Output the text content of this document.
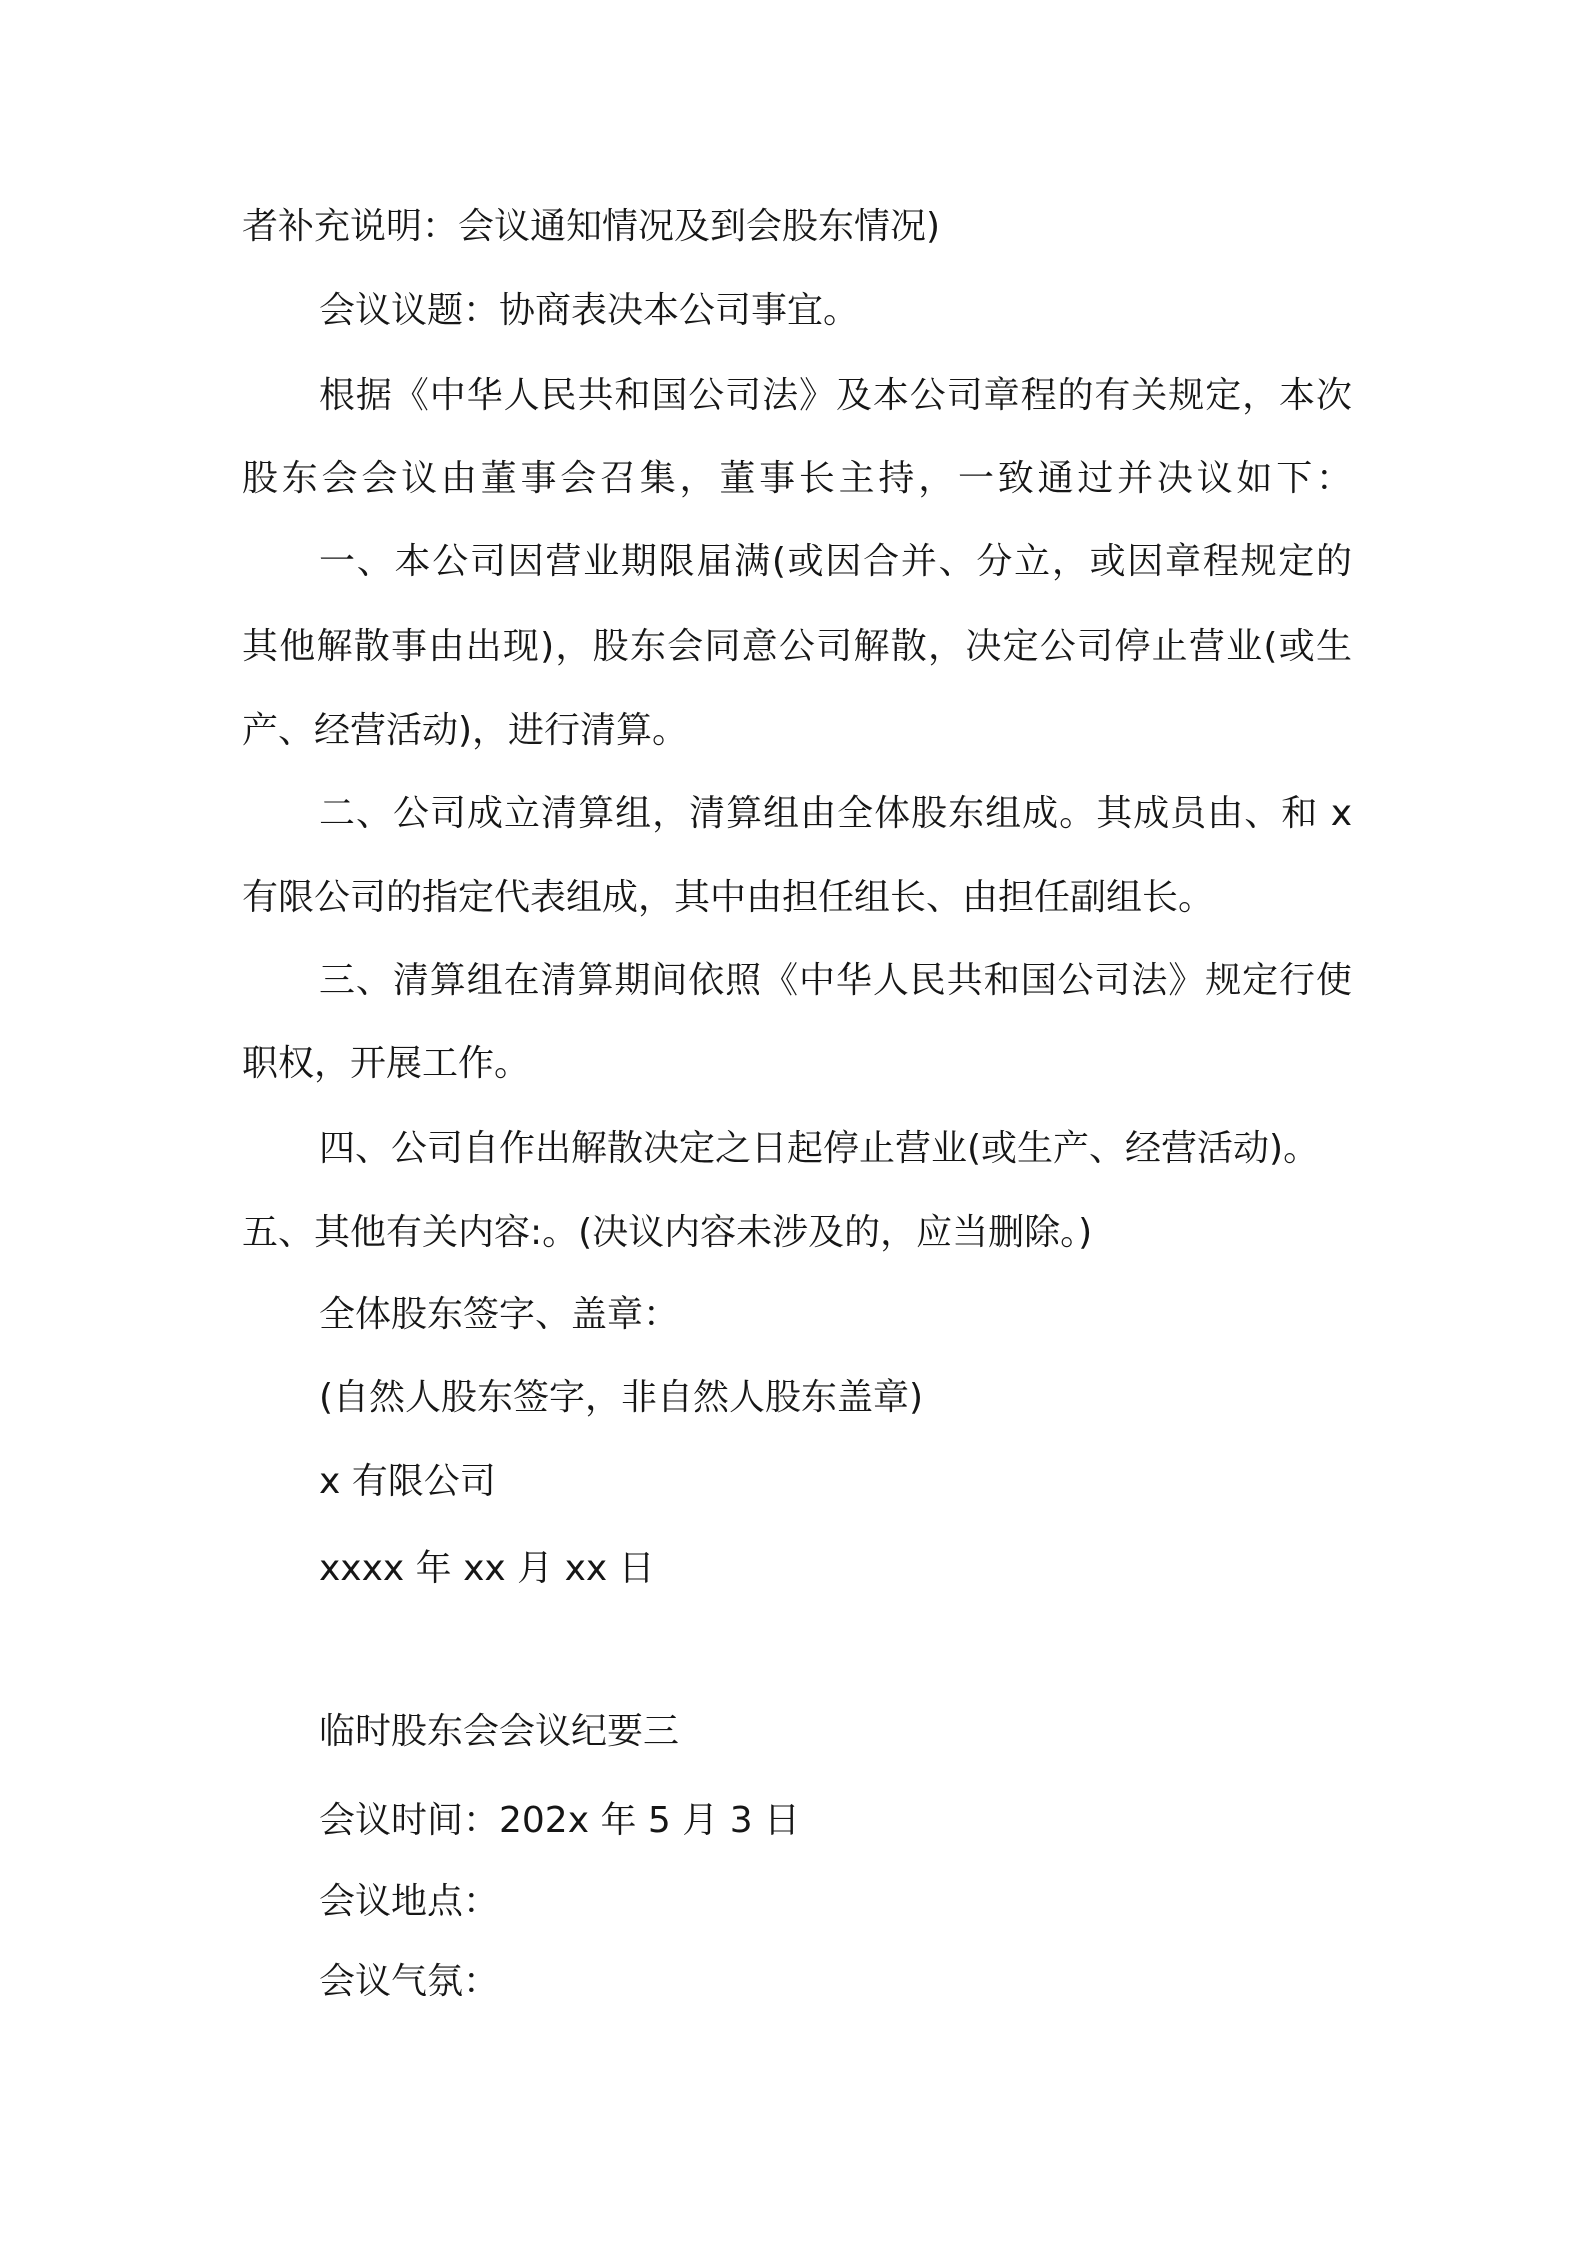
者补充说明：会议通知情况及到会股东情况)

会议议题：协商表决本公司事宜。

根据《中华人民共和国公司法》及本公司章程的有关规定，本次

股东会会议由董事会召集，董事长主持，一致通过并决议如下：

一、本公司因营业期限届满(或因合并、分立，或因章程规定的

其他解散事由出现)，股东会同意公司解散，决定公司停止营业(或生

产、经营活动)，进行清算。

二、公司成立清算组，清算组由全体股东组成。其成员由、和 x

有限公司的指定代表组成，其中由担任组长、由担任副组长。

三、清算组在清算期间依照《中华人民共和国公司法》规定行使

职权，开展工作。

四、公司自作出解散决定之日起停止营业(或生产、经营活动)。

五、其他有关内容:。(决议内容未涉及的，应当删除。)

全体股东签字、盖章：

(自然人股东签字，非自然人股东盖章)

x 有限公司

xxxx 年 xx 月 xx 日

临时股东会会议纪要三

会议时间：202x 年 5 月 3 日

会议地点：

会议气氛：
